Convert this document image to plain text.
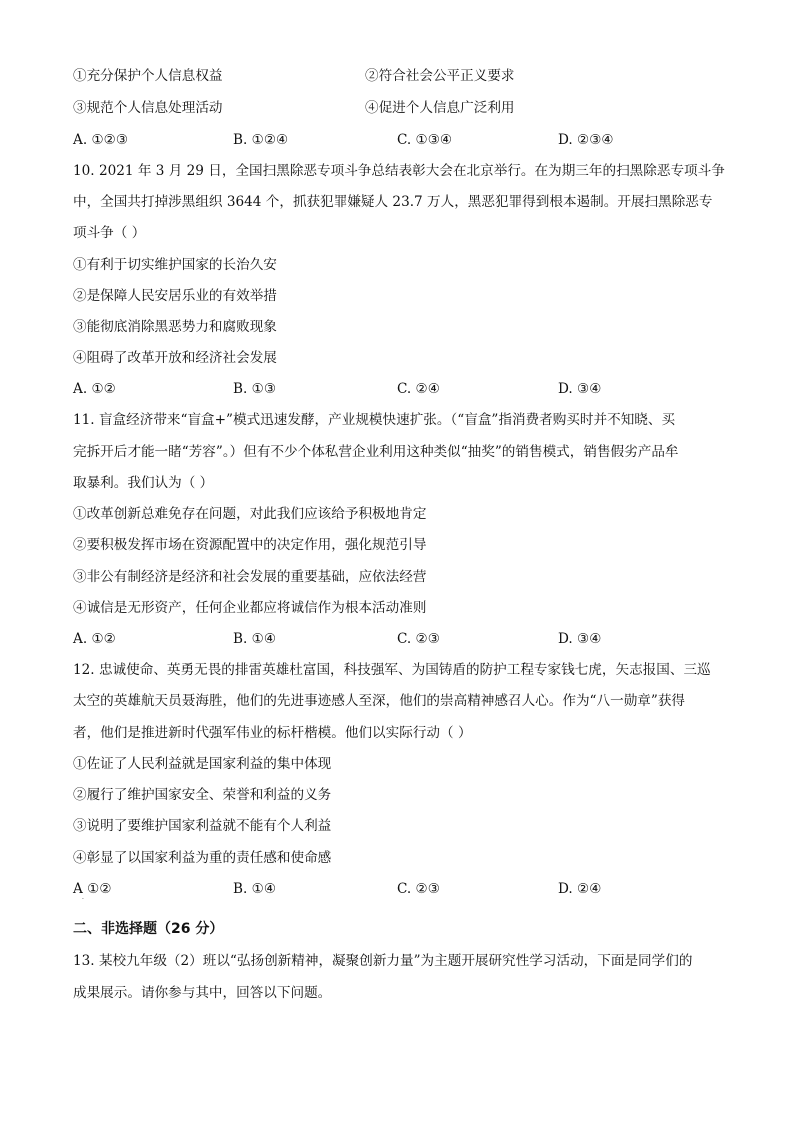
①充分保护个人信息权益	②符合社会公平正义要求
③规范个人信息处理活动	④促进个人信息广泛利用
A. ①②③	B. ①②④	C. ①③④	D. ②③④
10. 2021 年 3 月 29 日，全国扫黑除恶专项斗争总结表彰大会在北京举行。在为期三年的扫黑除恶专项斗争
中，全国共打掉涉黑组织 3644 个，抓获犯罪嫌疑人 23.7 万人，黑恶犯罪得到根本遏制。开展扫黑除恶专
项斗争（ ）
①有利于切实维护国家的长治久安
②是保障人民安居乐业的有效举措
③能彻底消除黑恶势力和腐败现象
④阻碍了改革开放和经济社会发展
A. ①②	B. ①③	C. ②④	D. ③④
11. 盲盒经济带来“盲盒+”模式迅速发酵，产业规模快速扩张。（“盲盒”指消费者购买时并不知晓、买
完拆开后才能一睹“芳容”。）但有不少个体私营企业利用这种类似“抽奖”的销售模式，销售假劣产品牟
取暴利。我们认为（ ）
①改革创新总难免存在问题，对此我们应该给予积极地肯定
②要积极发挥市场在资源配置中的决定作用，强化规范引导
③非公有制经济是经济和社会发展的重要基础，应依法经营
④诚信是无形资产，任何企业都应将诚信作为根本活动准则
A. ①②	B. ①④	C. ②③	D. ③④
12. 忠诚使命、英勇无畏的排雷英雄杜富国，科技强军、为国铸盾的防护工程专家钱七虎，矢志报国、三巡
太空的英雄航天员聂海胜，他们的先进事迹感人至深，他们的崇高精神感召人心。作为“八一勋章”获得
者，他们是推进新时代强军伟业的标杆楷模。他们以实际行动（ ）
①佐证了人民利益就是国家利益的集中体现
②履行了维护国家安全、荣誉和利益的义务
③说明了要维护国家利益就不能有个人利益
④彰显了以国家利益为重的责任感和使命感
A ①②	B. ①④	C. ②③	D. ②④
·
二、非选择题（26 分）
13. 某校九年级（2）班以“弘扬创新精神，凝聚创新力量”为主题开展研究性学习活动，下面是同学们的
成果展示。请你参与其中，回答以下问题。
